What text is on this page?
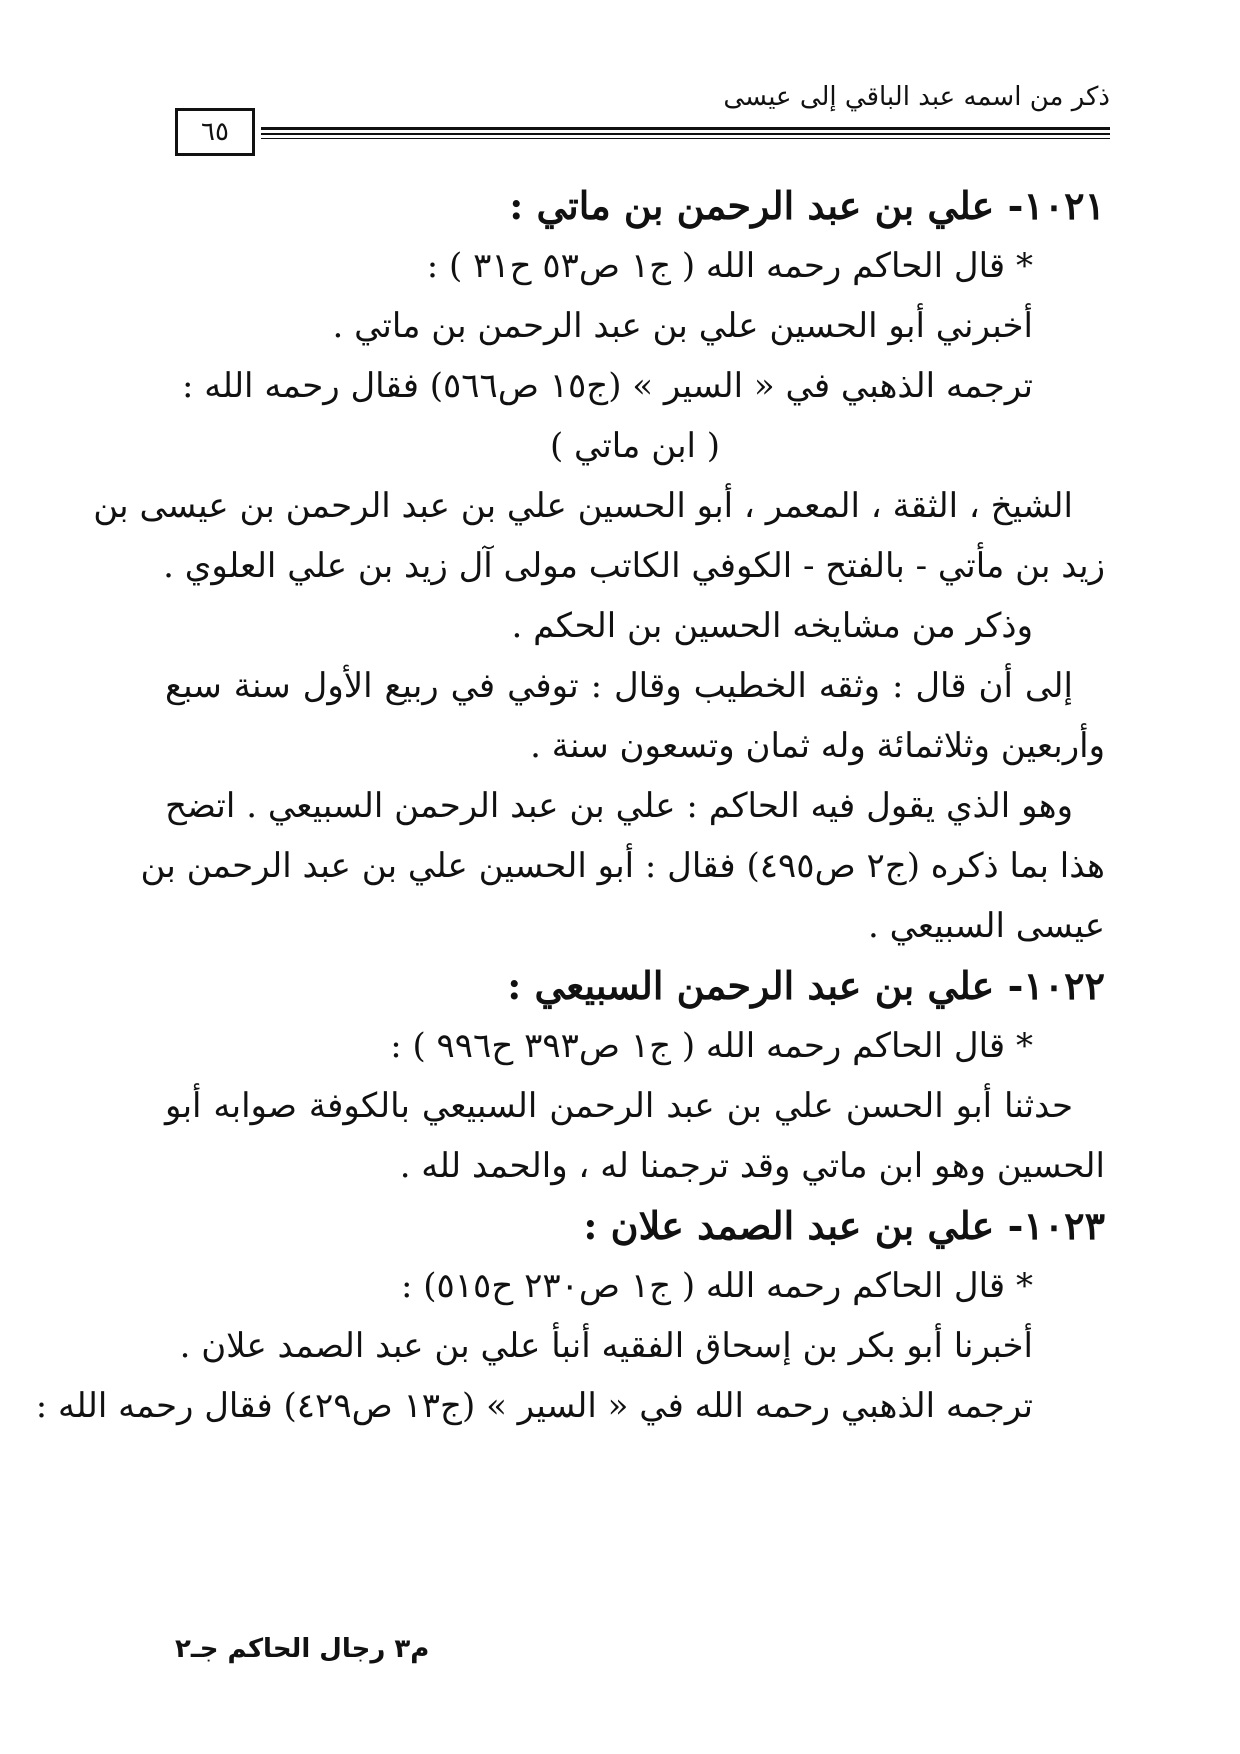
ذكر من اسمه عبد الباقي إلى عيسى
٦٥
١٠٢١- علي بن عبد الرحمن بن ماتي :
* قال الحاكم رحمه الله ( ج١ ص٥٣ ح٣١ ) :
أخبرني أبو الحسين علي بن عبد الرحمن بن ماتي .
ترجمه الذهبي في « السير » (ج١٥ ص٥٦٦) فقال رحمه الله :
( ابن ماتي )
الشيخ ، الثقة ، المعمر ، أبو الحسين علي بن عبد الرحمن بن عيسى بن
زيد بن مأتي - بالفتح - الكوفي الكاتب مولى آل زيد بن علي العلوي .
وذكر من مشايخه الحسين بن الحكم .
إلى أن قال : وثقه الخطيب وقال : توفي في ربيع الأول سنة سبع
وأربعين وثلاثمائة وله ثمان وتسعون سنة .
وهو الذي يقول فيه الحاكم : علي بن عبد الرحمن السبيعي . اتضح
هذا بما ذكره (ج٢ ص٤٩٥) فقال : أبو الحسين علي بن عبد الرحمن بن
عيسى السبيعي .
١٠٢٢- علي بن عبد الرحمن السبيعي :
* قال الحاكم رحمه الله ( ج١ ص٣٩٣ ح٩٩٦ ) :
حدثنا أبو الحسن علي بن عبد الرحمن السبيعي بالكوفة صوابه أبو
الحسين وهو ابن ماتي وقد ترجمنا له ، والحمد لله .
١٠٢٣- علي بن عبد الصمد علان :
* قال الحاكم رحمه الله ( ج١ ص٢٣٠ ح٥١٥) :
أخبرنا أبو بكر بن إسحاق الفقيه أنبأ علي بن عبد الصمد علان .
ترجمه الذهبي رحمه الله في « السير » (ج١٣ ص٤٢٩) فقال رحمه الله :
م٣ رجال الحاكم جـ٢
